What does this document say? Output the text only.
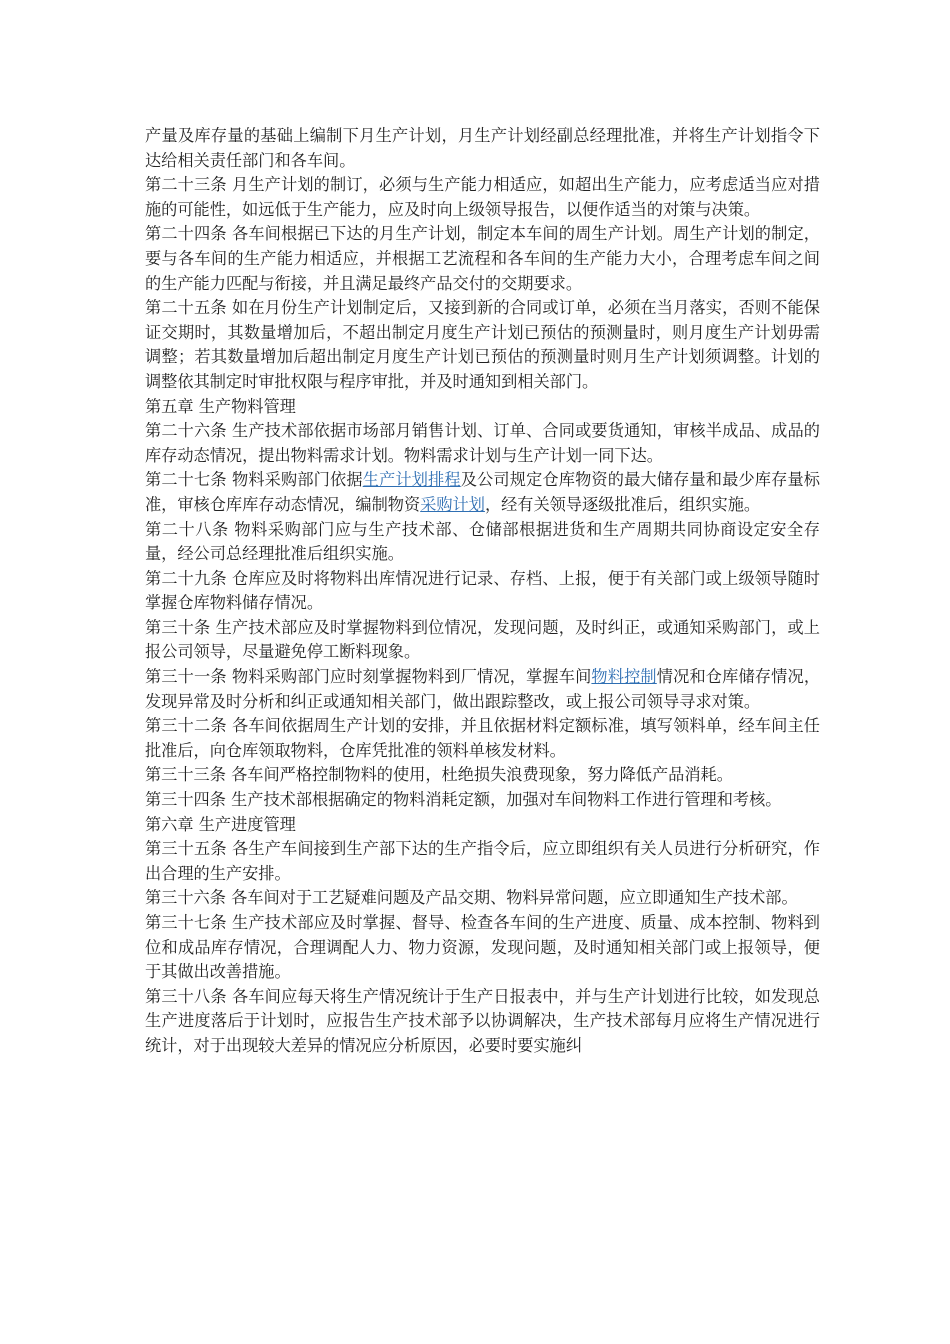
产量及库存量的基础上编制下月生产计划，月生产计划经副总经理批准，并将生产计划指令下达给相关责任部门和各车间。

第二十三条 月生产计划的制订，必须与生产能力相适应，如超出生产能力，应考虑适当应对措施的可能性，如远低于生产能力，应及时向上级领导报告，以便作适当的对策与决策。

第二十四条 各车间根据已下达的月生产计划，制定本车间的周生产计划。周生产计划的制定，要与各车间的生产能力相适应，并根据工艺流程和各车间的生产能力大小，合理考虑车间之间的生产能力匹配与衔接，并且满足最终产品交付的交期要求。

第二十五条 如在月份生产计划制定后，又接到新的合同或订单，必须在当月落实，否则不能保证交期时，其数量增加后，不超出制定月度生产计划已预估的预测量时，则月度生产计划毋需调整；若其数量增加后超出制定月度生产计划已预估的预测量时则月生产计划须调整。计划的调整依其制定时审批权限与程序审批，并及时通知到相关部门。

第五章 生产物料管理

第二十六条 生产技术部依据市场部月销售计划、订单、合同或要货通知，审核半成品、成品的库存动态情况，提出物料需求计划。物料需求计划与生产计划一同下达。

第二十七条 物料采购部门依据生产计划排程及公司规定仓库物资的最大储存量和最少库存量标准，审核仓库库存动态情况，编制物资采购计划，经有关领导逐级批准后，组织实施。

第二十八条 物料采购部门应与生产技术部、仓储部根据进货和生产周期共同协商设定安全存量，经公司总经理批准后组织实施。

第二十九条 仓库应及时将物料出库情况进行记录、存档、上报，便于有关部门或上级领导随时掌握仓库物料储存情况。

第三十条 生产技术部应及时掌握物料到位情况，发现问题，及时纠正，或通知采购部门，或上报公司领导，尽量避免停工断料现象。

第三十一条 物料采购部门应时刻掌握物料到厂情况，掌握车间物料控制情况和仓库储存情况，发现异常及时分析和纠正或通知相关部门，做出跟踪整改，或上报公司领导寻求对策。

第三十二条 各车间依据周生产计划的安排，并且依据材料定额标准，填写领料单，经车间主任批准后，向仓库领取物料，仓库凭批准的领料单核发材料。

第三十三条 各车间严格控制物料的使用，杜绝损失浪费现象，努力降低产品消耗。

第三十四条 生产技术部根据确定的物料消耗定额，加强对车间物料工作进行管理和考核。

第六章 生产进度管理

第三十五条 各生产车间接到生产部下达的生产指令后，应立即组织有关人员进行分析研究，作出合理的生产安排。

第三十六条 各车间对于工艺疑难问题及产品交期、物料异常问题，应立即通知生产技术部。

第三十七条 生产技术部应及时掌握、督导、检查各车间的生产进度、质量、成本控制、物料到位和成品库存情况，合理调配人力、物力资源，发现问题，及时通知相关部门或上报领导，便于其做出改善措施。

第三十八条 各车间应每天将生产情况统计于生产日报表中，并与生产计划进行比较，如发现总生产进度落后于计划时，应报告生产技术部予以协调解决，生产技术部每月应将生产情况进行统计，对于出现较大差异的情况应分析原因，必要时要实施纠
